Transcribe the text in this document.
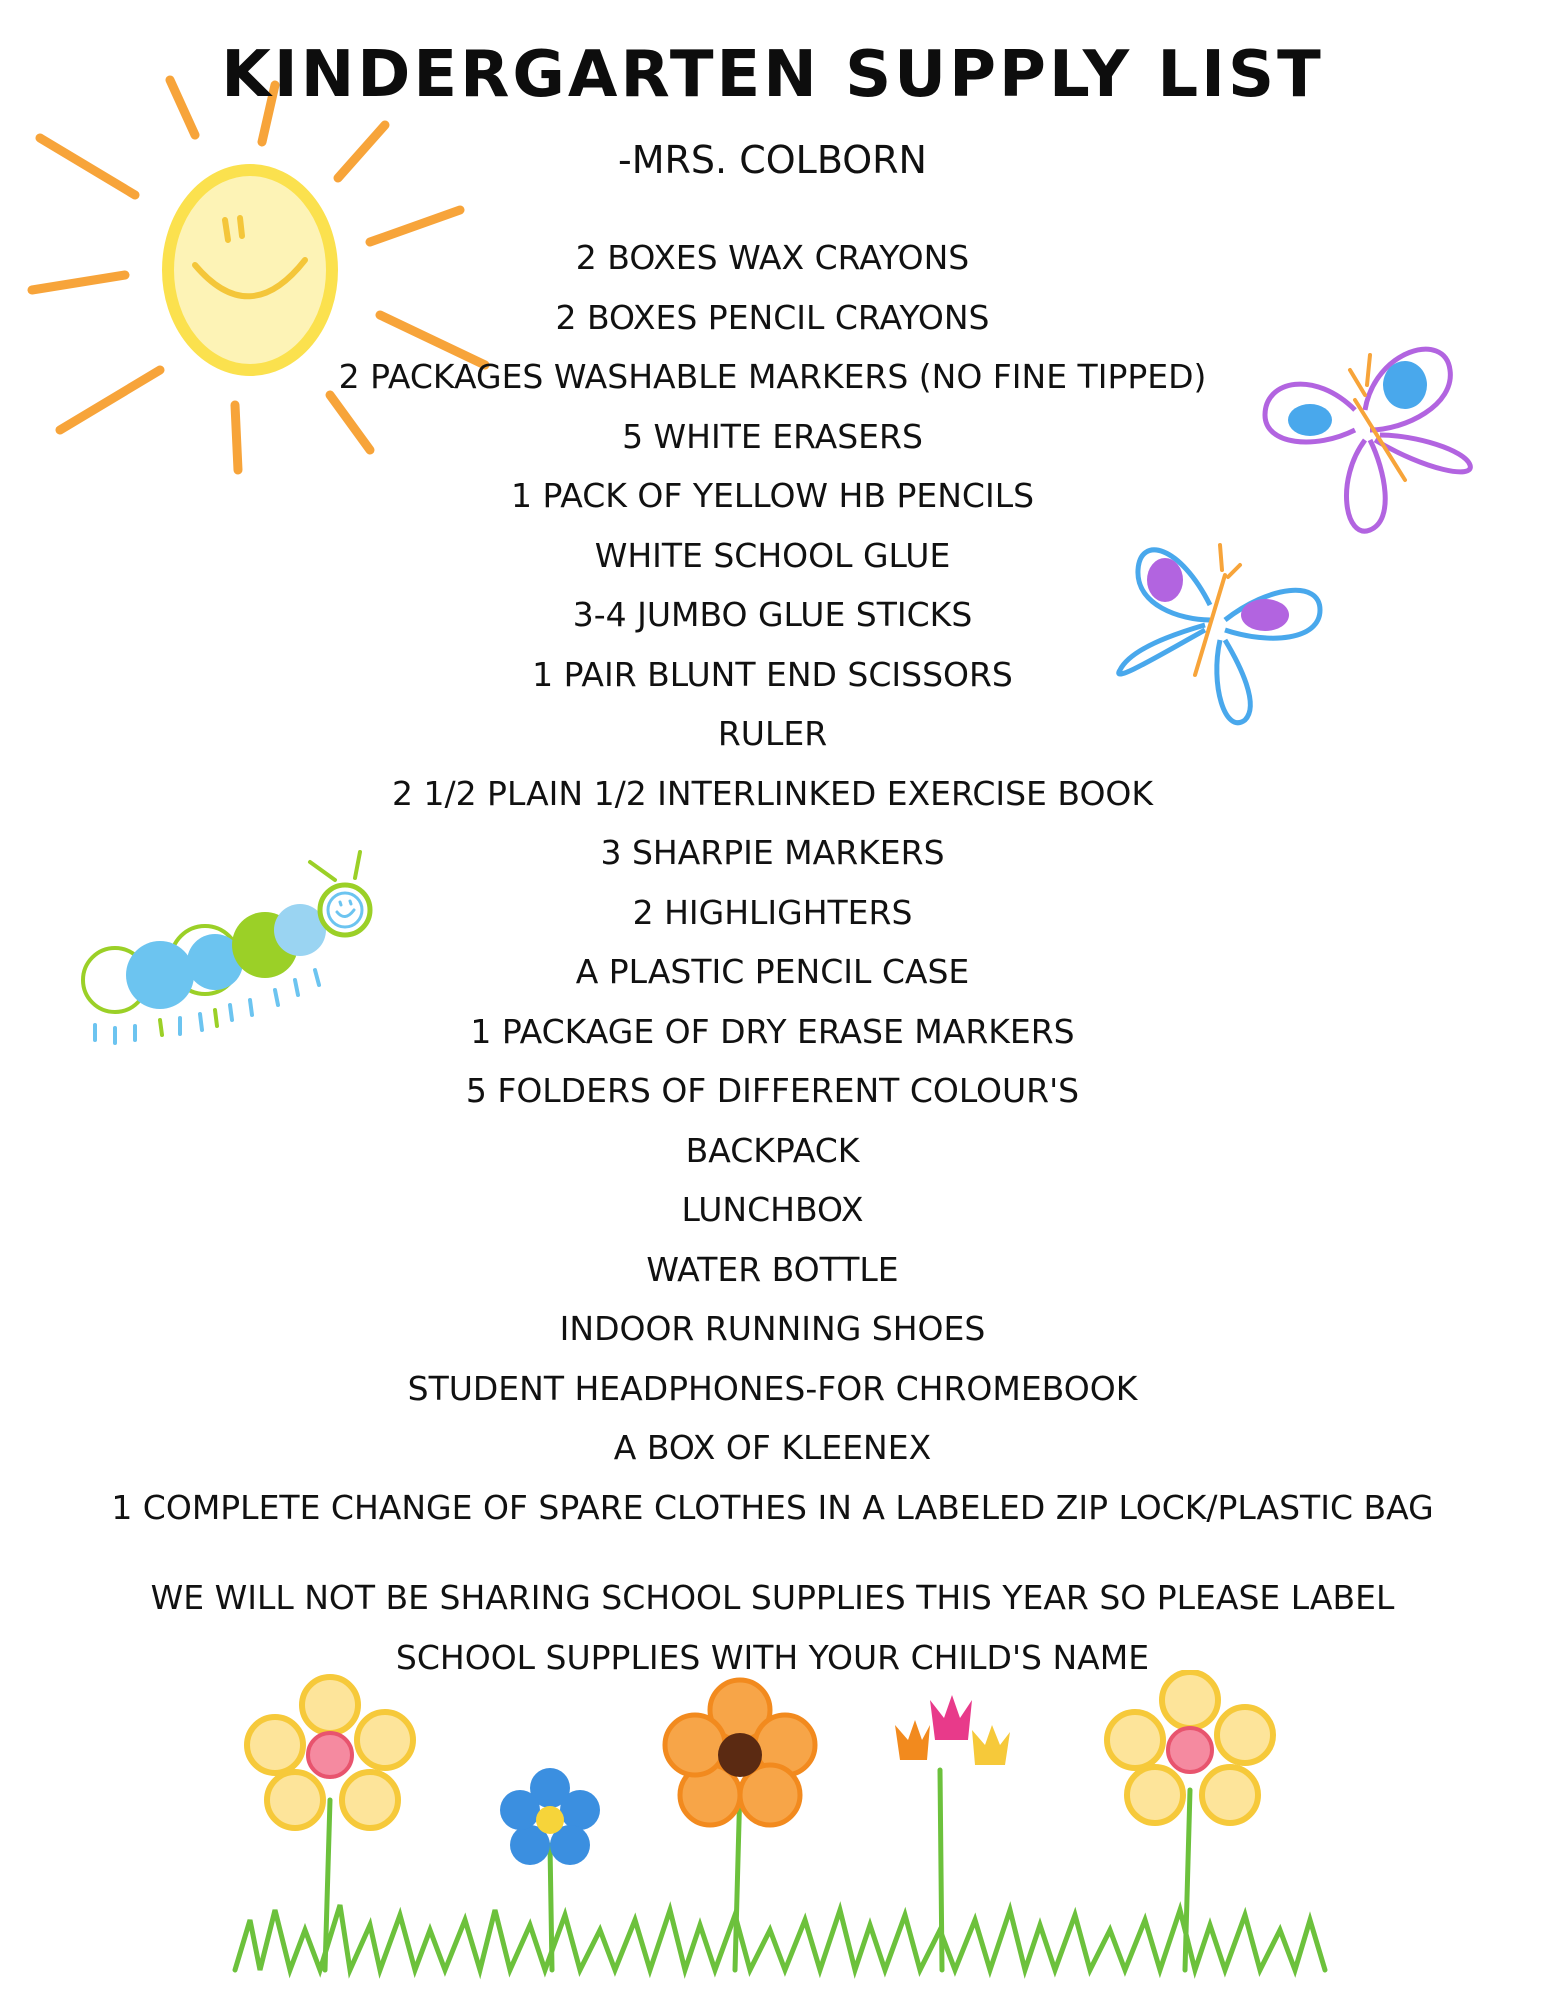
KINDERGARTEN SUPPLY LIST
-MRS. COLBORN
2 BOXES WAX CRAYONS
2 BOXES PENCIL CRAYONS
2 PACKAGES WASHABLE MARKERS (NO FINE TIPPED)
5 WHITE ERASERS
1 PACK OF YELLOW HB PENCILS
WHITE SCHOOL GLUE
3-4 JUMBO GLUE STICKS
1 PAIR BLUNT END SCISSORS
RULER
2 1/2 PLAIN 1/2 INTERLINKED EXERCISE BOOK
3 SHARPIE MARKERS
2 HIGHLIGHTERS
A PLASTIC PENCIL CASE
1 PACKAGE OF DRY ERASE MARKERS
5 FOLDERS OF DIFFERENT COLOUR'S
BACKPACK
LUNCHBOX
WATER BOTTLE
INDOOR RUNNING SHOES
STUDENT HEADPHONES-FOR CHROMEBOOK
A BOX OF KLEENEX
1 COMPLETE CHANGE OF SPARE CLOTHES IN A LABELED ZIP LOCK/PLASTIC BAG
WE WILL NOT BE SHARING SCHOOL SUPPLIES THIS YEAR SO PLEASE LABEL
SCHOOL SUPPLIES WITH YOUR CHILD'S NAME
